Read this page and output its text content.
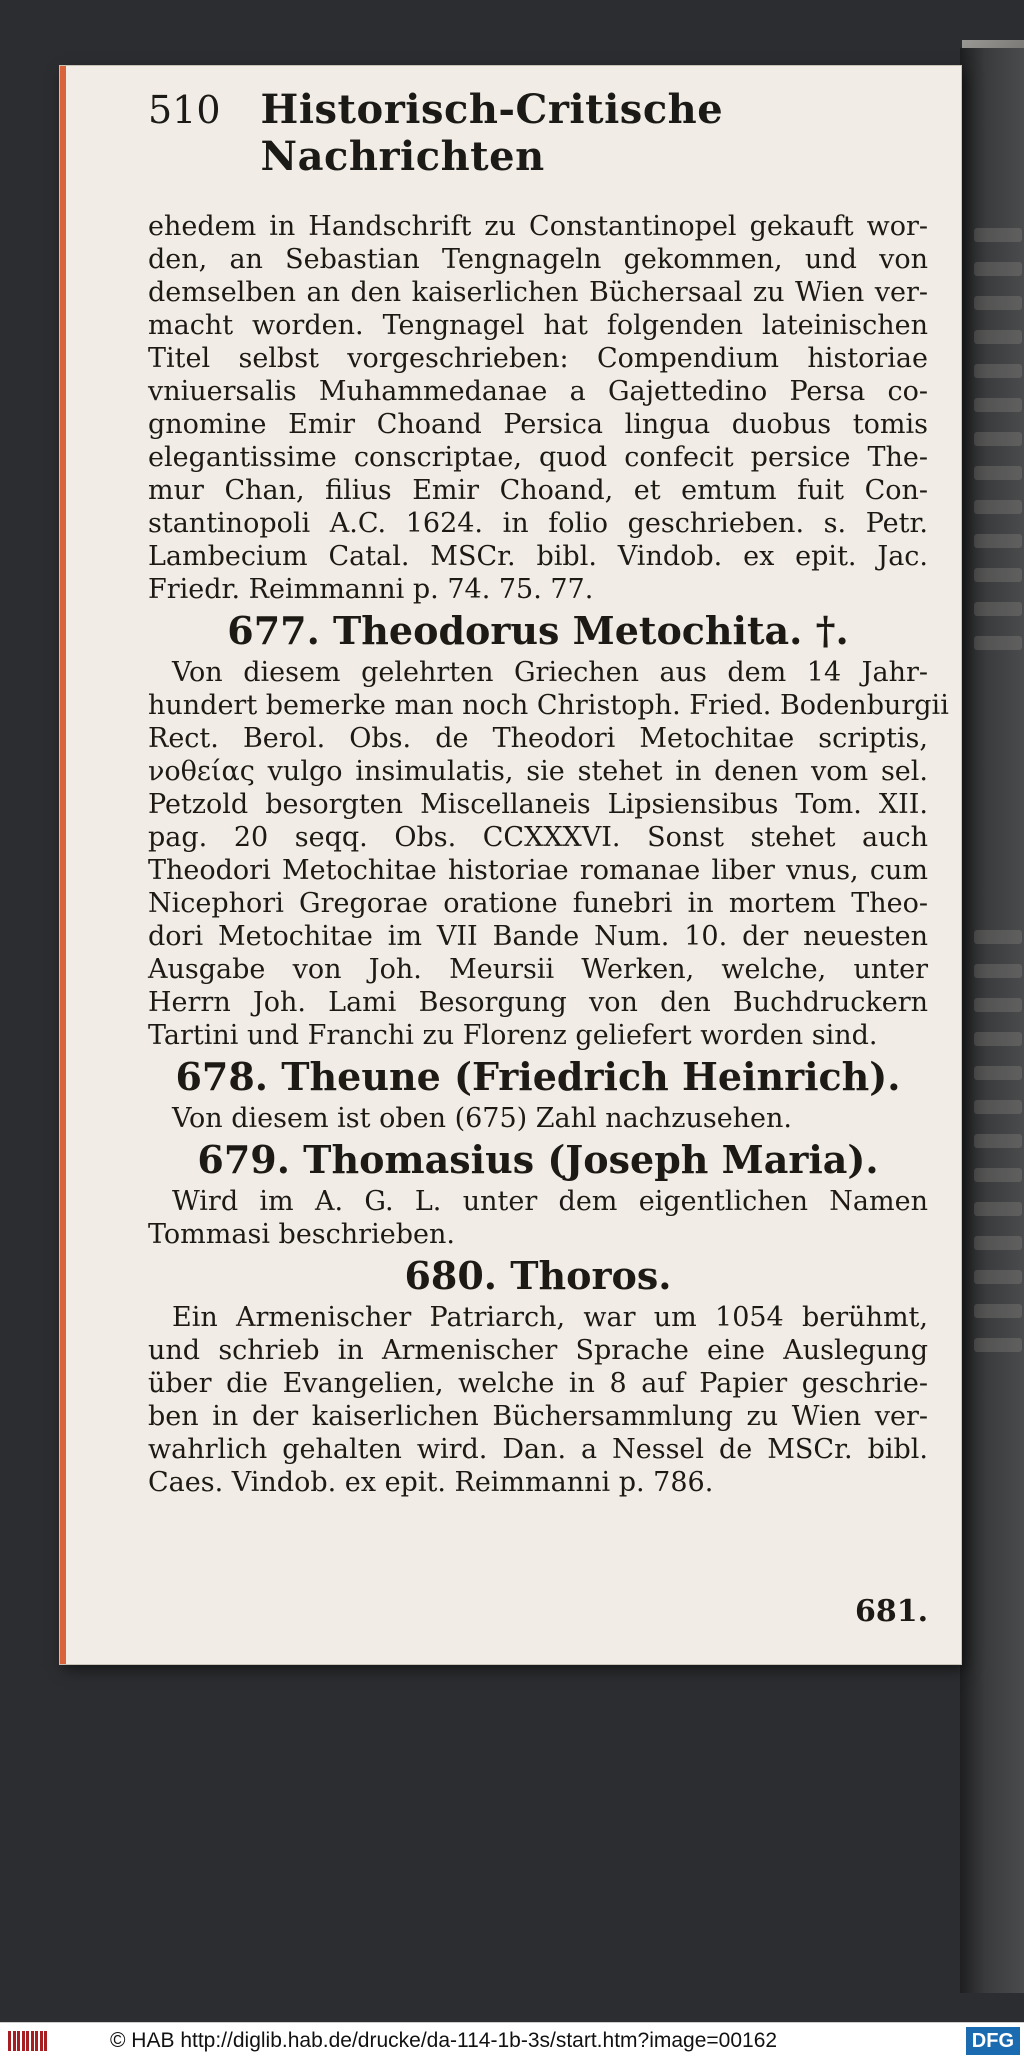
510 Historisch-Critische Nachrichten
ehedem in Handschrift zu Constantinopel gekauft wor-
den, an Sebastian Tengnageln gekommen, und von
demselben an den kaiserlichen Büchersaal zu Wien ver-
macht worden. Tengnagel hat folgenden lateinischen
Titel selbst vorgeschrieben: Compendium historiae
vniuersalis Muhammedanae a Gajettedino Persa co-
gnomine Emir Choand Persica lingua duobus tomis
elegantissime conscriptae, quod confecit persice The-
mur Chan, filius Emir Choand, et emtum fuit Con-
stantinopoli A.C. 1624. in folio geschrieben. s. Petr.
Lambecium Catal. MSCr. bibl. Vindob. ex epit. Jac.
Friedr. Reimmanni p. 74. 75. 77.
677. Theodorus Metochita. †.
Von diesem gelehrten Griechen aus dem 14 Jahr-
hundert bemerke man noch Christoph. Fried. Bodenburgii
Rect. Berol. Obs. de Theodori Metochitae scriptis,
νοθείας vulgo insimulatis, sie stehet in denen vom sel.
Petzold besorgten Miscellaneis Lipsiensibus Tom. XII.
pag. 20 seqq. Obs. CCXXXVI. Sonst stehet auch
Theodori Metochitae historiae romanae liber vnus, cum
Nicephori Gregorae oratione funebri in mortem Theo-
dori Metochitae im VII Bande Num. 10. der neuesten
Ausgabe von Joh. Meursii Werken, welche, unter
Herrn Joh. Lami Besorgung von den Buchdruckern
Tartini und Franchi zu Florenz geliefert worden sind.
678. Theune (Friedrich Heinrich).
Von diesem ist oben (675) Zahl nachzusehen.
679. Thomasius (Joseph Maria).
Wird im A. G. L. unter dem eigentlichen Namen
Tommasi beschrieben.
680. Thoros.
Ein Armenischer Patriarch, war um 1054 berühmt,
und schrieb in Armenischer Sprache eine Auslegung
über die Evangelien, welche in 8 auf Papier geschrie-
ben in der kaiserlichen Büchersammlung zu Wien ver-
wahrlich gehalten wird. Dan. a Nessel de MSCr. bibl.
Caes. Vindob. ex epit. Reimmanni p. 786.
681.
© HAB http://diglib.hab.de/drucke/da-114-1b-3s/start.htm?image=00162	DFG
